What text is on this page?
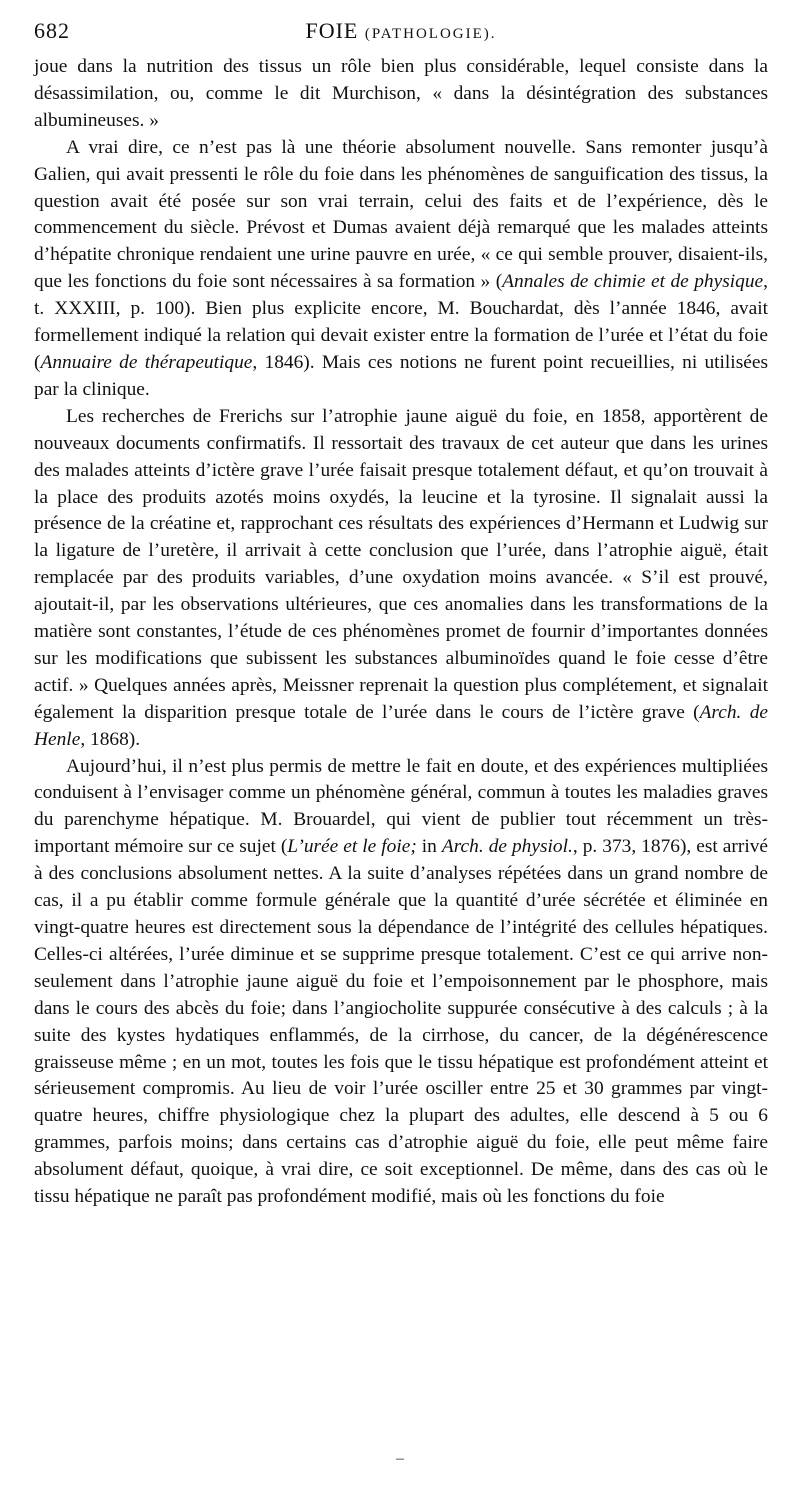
682	FOIE (PATHOLOGIE).

joue dans la nutrition des tissus un rôle bien plus considérable, lequel consiste dans la désassimilation, ou, comme le dit Murchison, « dans la désintégration des substances albumineuses. »

A vrai dire, ce n’est pas là une théorie absolument nouvelle. Sans remonter jusqu’à Galien, qui avait pressenti le rôle du foie dans les phénomènes de sanguification des tissus, la question avait été posée sur son vrai terrain, celui des faits et de l’expérience, dès le commencement du siècle. Prévost et Dumas avaient déjà remarqué que les malades atteints d’hépatite chronique rendaient une urine pauvre en urée, « ce qui semble prouver, disaient-ils, que les fonctions du foie sont nécessaires à sa formation » (Annales de chimie et de physique, t. XXXIII, p. 100). Bien plus explicite encore, M. Bouchardat, dès l’année 1846, avait formellement indiqué la relation qui devait exister entre la formation de l’urée et l’état du foie (Annuaire de thérapeutique, 1846). Mais ces notions ne furent point recueillies, ni utilisées par la clinique.

Les recherches de Frerichs sur l’atrophie jaune aiguë du foie, en 1858, apportèrent de nouveaux documents confirmatifs. Il ressortait des travaux de cet auteur que dans les urines des malades atteints d’ictère grave l’urée faisait presque totalement défaut, et qu’on trouvait à la place des produits azotés moins oxydés, la leucine et la tyrosine. Il signalait aussi la présence de la créatine et, rapprochant ces résultats des expériences d’Hermann et Ludwig sur la ligature de l’uretère, il arrivait à cette conclusion que l’urée, dans l’atrophie aiguë, était remplacée par des produits variables, d’une oxydation moins avancée. « S’il est prouvé, ajoutait-il, par les observations ultérieures, que ces anomalies dans les transformations de la matière sont constantes, l’étude de ces phénomènes promet de fournir d’importantes données sur les modifications que subissent les substances albuminoïdes quand le foie cesse d’être actif. » Quelques années après, Meissner reprenait la question plus complétement, et signalait également la disparition presque totale de l’urée dans le cours de l’ictère grave (Arch. de Henle, 1868).

Aujourd’hui, il n’est plus permis de mettre le fait en doute, et des expériences multipliées conduisent à l’envisager comme un phénomène général, commun à toutes les maladies graves du parenchyme hépatique. M. Brouardel, qui vient de publier tout récemment un très-important mémoire sur ce sujet (L’urée et le foie; in Arch. de physiol., p. 373, 1876), est arrivé à des conclusions absolument nettes. A la suite d’analyses répétées dans un grand nombre de cas, il a pu établir comme formule générale que la quantité d’urée sécrétée et éliminée en vingt-quatre heures est directement sous la dépendance de l’intégrité des cellules hépatiques. Celles-ci altérées, l’urée diminue et se supprime presque totalement. C’est ce qui arrive non-seulement dans l’atrophie jaune aiguë du foie et l’empoisonnement par le phosphore, mais dans le cours des abcès du foie; dans l’angiocholite suppurée consécutive à des calculs ; à la suite des kystes hydatiques enflammés, de la cirrhose, du cancer, de la dégénérescence graisseuse même ; en un mot, toutes les fois que le tissu hépatique est profondément atteint et sérieusement compromis. Au lieu de voir l’urée osciller entre 25 et 30 grammes par vingt-quatre heures, chiffre physiologique chez la plupart des adultes, elle descend à 5 ou 6 grammes, parfois moins; dans certains cas d’atrophie aiguë du foie, elle peut même faire absolument défaut, quoique, à vrai dire, ce soit exceptionnel. De même, dans des cas où le tissu hépatique ne paraît pas profondément modifié, mais où les fonctions du foie

–
